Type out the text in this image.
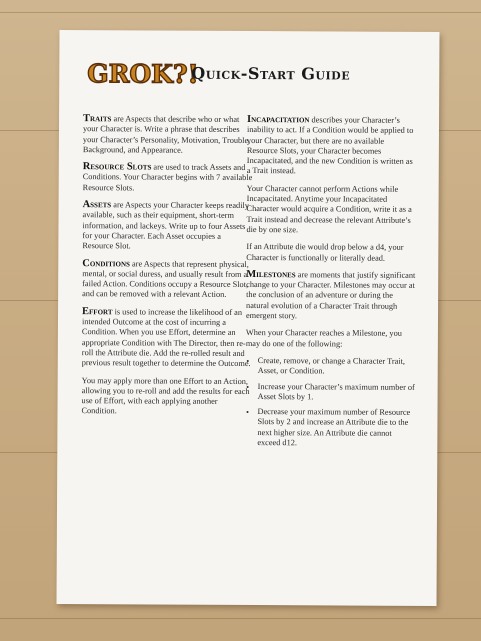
GROK?!
Quick-Start Guide

Traits are Aspects that describe who or what your Character is. Write a phrase that describes your Character’s Personality, Motivation, Trouble, Background, and Appearance.

Resource Slots are used to track Assets and Conditions. Your Character begins with 7 available Resource Slots.

Assets are Aspects your Character keeps readily available, such as their equipment, short-term information, and lackeys. Write up to four Assets for your Character. Each Asset occupies a Resource Slot.

Conditions are Aspects that represent physical, mental, or social duress, and usually result from a failed Action. Conditions occupy a Resource Slot, and can be removed with a relevant Action.

Effort is used to increase the likelihood of an intended Outcome at the cost of incurring a Condition. When you use Effort, determine an appropriate Condition with The Director, then re-roll the Attribute die. Add the re-rolled result and previous result together to determine the Outcome.

You may apply more than one Effort to an Action, allowing you to re-roll and add the results for each use of Effort, with each applying another Condition.

Incapacitation describes your Character’s inability to act. If a Condition would be applied to your Character, but there are no available Resource Slots, your Character becomes Incapacitated, and the new Condition is written as a Trait instead.

Your Character cannot perform Actions while Incapacitated. Anytime your Incapacitated Character would acquire a Condition, write it as a Trait instead and decrease the relevant Attribute’s die by one size.

If an Attribute die would drop below a d4, your Character is functionally or literally dead.

Milestones are moments that justify significant change to your Character. Milestones may occur at the conclusion of an adventure or during the natural evolution of a Character Trait through emergent story.

When your Character reaches a Milestone, you may do one of the following:

• Create, remove, or change a Character Trait, Asset, or Condition.
• Increase your Character’s maximum number of Asset Slots by 1.
• Decrease your maximum number of Resource Slots by 2 and increase an Attribute die to the next higher size. An Attribute die cannot exceed d12.
